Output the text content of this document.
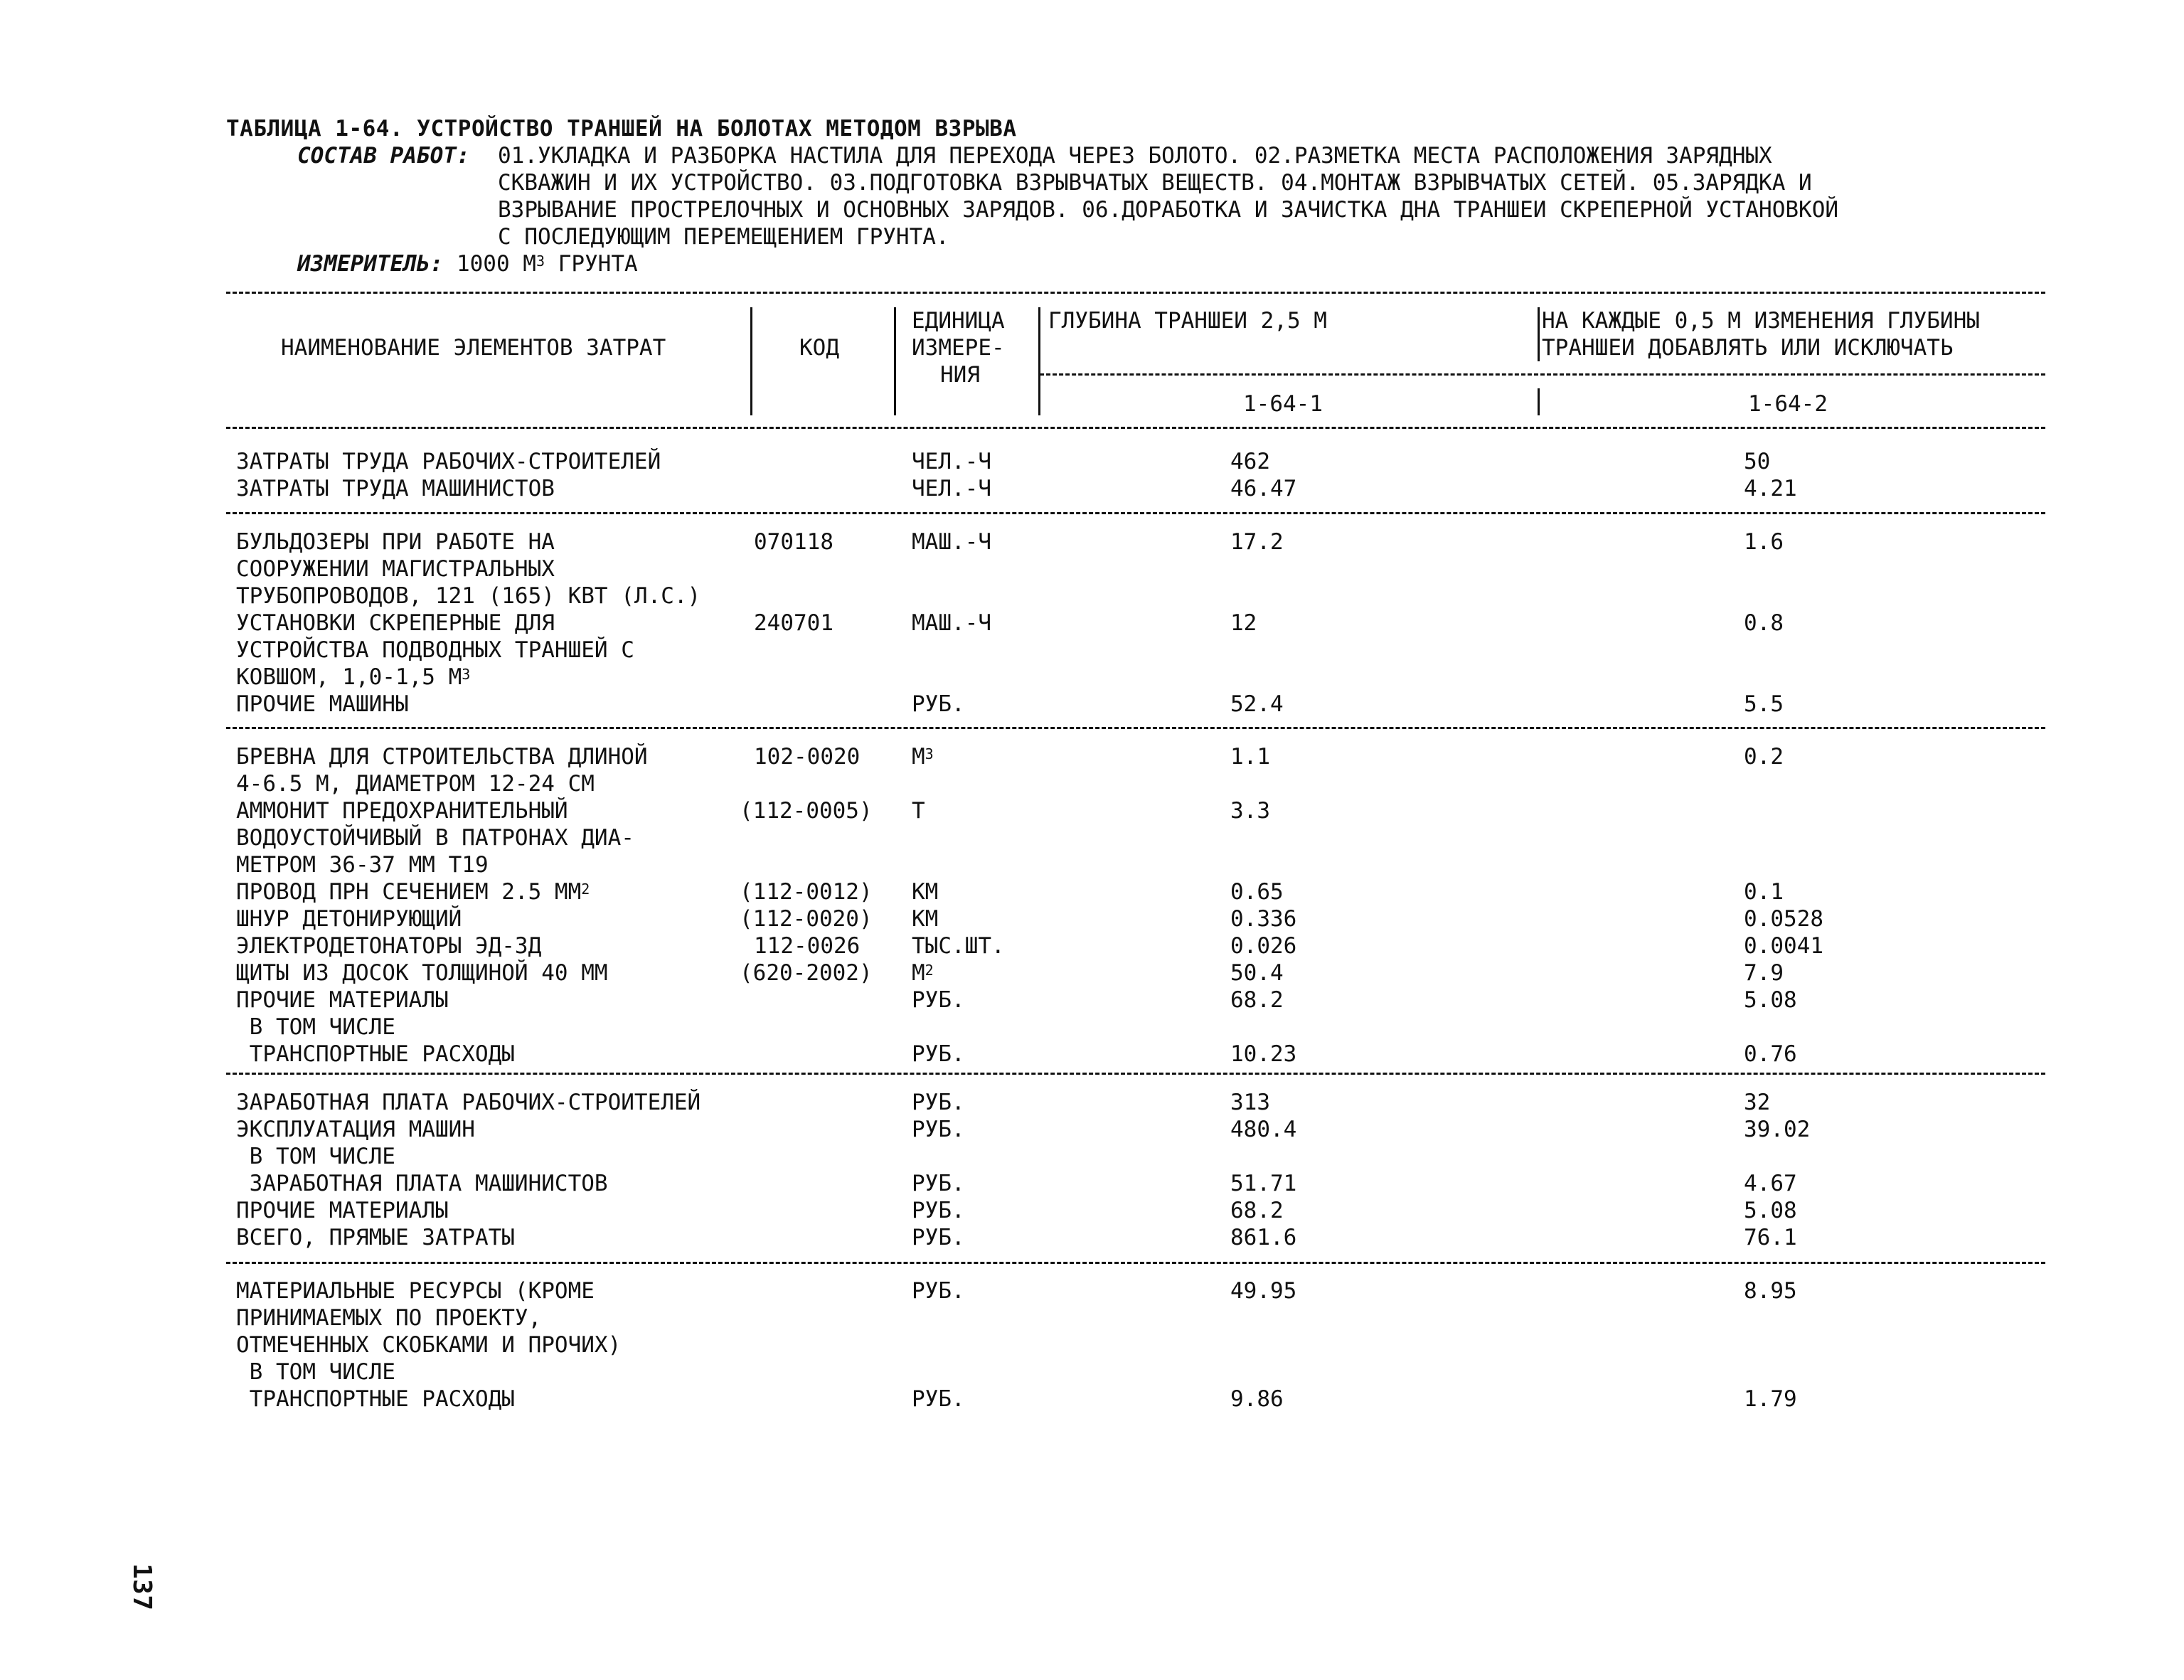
ТАБЛИЦА 1-64. УСТРОЙСТВО ТРАНШЕЙ НА БОЛОТАХ МЕТОДОМ ВЗРЫВА
СОСТАВ РАБОТ: 01.УКЛАДКА И РАЗБОРКА НАСТИЛА ДЛЯ ПЕРЕХОДА ЧЕРЕЗ БОЛОТО. 02.РАЗМЕТКА МЕСТА РАСПОЛОЖЕНИЯ ЗАРЯДНЫХ
СКВАЖИН И ИХ УСТРОЙСТВО. 03.ПОДГОТОВКА ВЗРЫВЧАТЫХ ВЕЩЕСТВ. 04.МОНТАЖ ВЗРЫВЧАТЫХ СЕТЕЙ. 05.ЗАРЯДКА И
ВЗРЫВАНИЕ ПРОСТРЕЛОЧНЫХ И ОСНОВНЫХ ЗАРЯДОВ. 06.ДОРАБОТКА И ЗАЧИСТКА ДНА ТРАНШЕИ СКРЕПЕРНОЙ УСТАНОВКОЙ
С ПОСЛЕДУЮЩИМ ПЕРЕМЕЩЕНИЕМ ГРУНТА.
ИЗМЕРИТЕЛЬ: 1000 $М^3$ ГРУНТА
НАИМЕНОВАНИЕ ЭЛЕМЕНТОВ ЗАТРАТ	КОД
ЕДИНИЦА
ИЗМЕРЕ-
НИЯ
ГЛУБИНА ТРАНШЕИ 2,5 М	НА КАЖДЫЕ 0,5 М ИЗМЕНЕНИЯ ГЛУБИНЫ
ТРАНШЕИ ДОБАВЛЯТЬ ИЛИ ИСКЛЮЧАТЬ
1-64-1	1-64-2
ЗАТРАТЫ ТРУДА РАБОЧИХ-СТРОИТЕЛЕЙ	ЧЕЛ.-Ч	462	50
ЗАТРАТЫ ТРУДА МАШИНИСТОВ	ЧЕЛ.-Ч	46.47	4.21
БУЛЬДОЗЕРЫ ПРИ РАБОТЕ НА	070118	МАШ.-Ч	17.2	1.6
СООРУЖЕНИИ МАГИСТРАЛЬНЫХ
ТРУБОПРОВОДОВ, 121 (165) КВТ (Л.С.)
УСТАНОВКИ СКРЕПЕРНЫЕ ДЛЯ	240701	МАШ.-Ч	12	0.8
УСТРОЙСТВА ПОДВОДНЫХ ТРАНШЕЙ С
КОВШОМ, 1,0-1,5 $М^3$
ПРОЧИЕ МАШИНЫ	РУБ.	52.4	5.5
БРЕВНА ДЛЯ СТРОИТЕЛЬСТВА ДЛИНОЙ	102-0020 $М^3$	1.1	0.2
4-6.5 М, ДИАМЕТРОМ 12-24 СМ
АММОНИТ ПРЕДОХРАНИТЕЛЬНЫЙ	(112-0005) Т	3.3
ВОДОУСТОЙЧИВЫЙ В ПАТРОНАХ ДИА-
МЕТРОМ 36-37 ММ Т19
ПРОВОД ПРН СЕЧЕНИЕМ 2.5 $ММ^2$	(112-0012) КМ	0.65	0.1
ШНУР ДЕТОНИРУЮЩИЙ	(112-0020) КМ	0.336	0.0528
ЭЛЕКТРОДЕТОНАТОРЫ ЭД-ЗД	112-0026 ТЫС.ШТ.	0.026	0.0041
ЩИТЫ ИЗ ДОСОК ТОЛЩИНОЙ 40 ММ	(620-2002) $М^2$	50.4	7.9
ПРОЧИЕ МАТЕРИАЛЫ	РУБ.	68.2	5.08
В ТОМ ЧИСЛЕ
ТРАНСПОРТНЫЕ РАСХОДЫ	РУБ.	10.23	0.76
ЗАРАБОТНАЯ ПЛАТА РАБОЧИХ-СТРОИТЕЛЕЙ	РУБ.	313	32
ЭКСПЛУАТАЦИЯ МАШИН	РУБ.	480.4	39.02
В ТОМ ЧИСЛЕ
ЗАРАБОТНАЯ ПЛАТА МАШИНИСТОВ	РУБ.	51.71	4.67
ПРОЧИЕ МАТЕРИАЛЫ	РУБ.	68.2	5.08
ВСЕГО, ПРЯМЫЕ ЗАТРАТЫ	РУБ.	861.6	76.1
МАТЕРИАЛЬНЫЕ РЕСУРСЫ (КРОМЕ	РУБ.	49.95	8.95
ПРИНИМАЕМЫХ ПО ПРОЕКТУ,
ОТМЕЧЕННЫХ СКОБКАМИ И ПРОЧИХ)
В ТОМ ЧИСЛЕ
ТРАНСПОРТНЫЕ РАСХОДЫ	РУБ.	9.86	1.79
137
